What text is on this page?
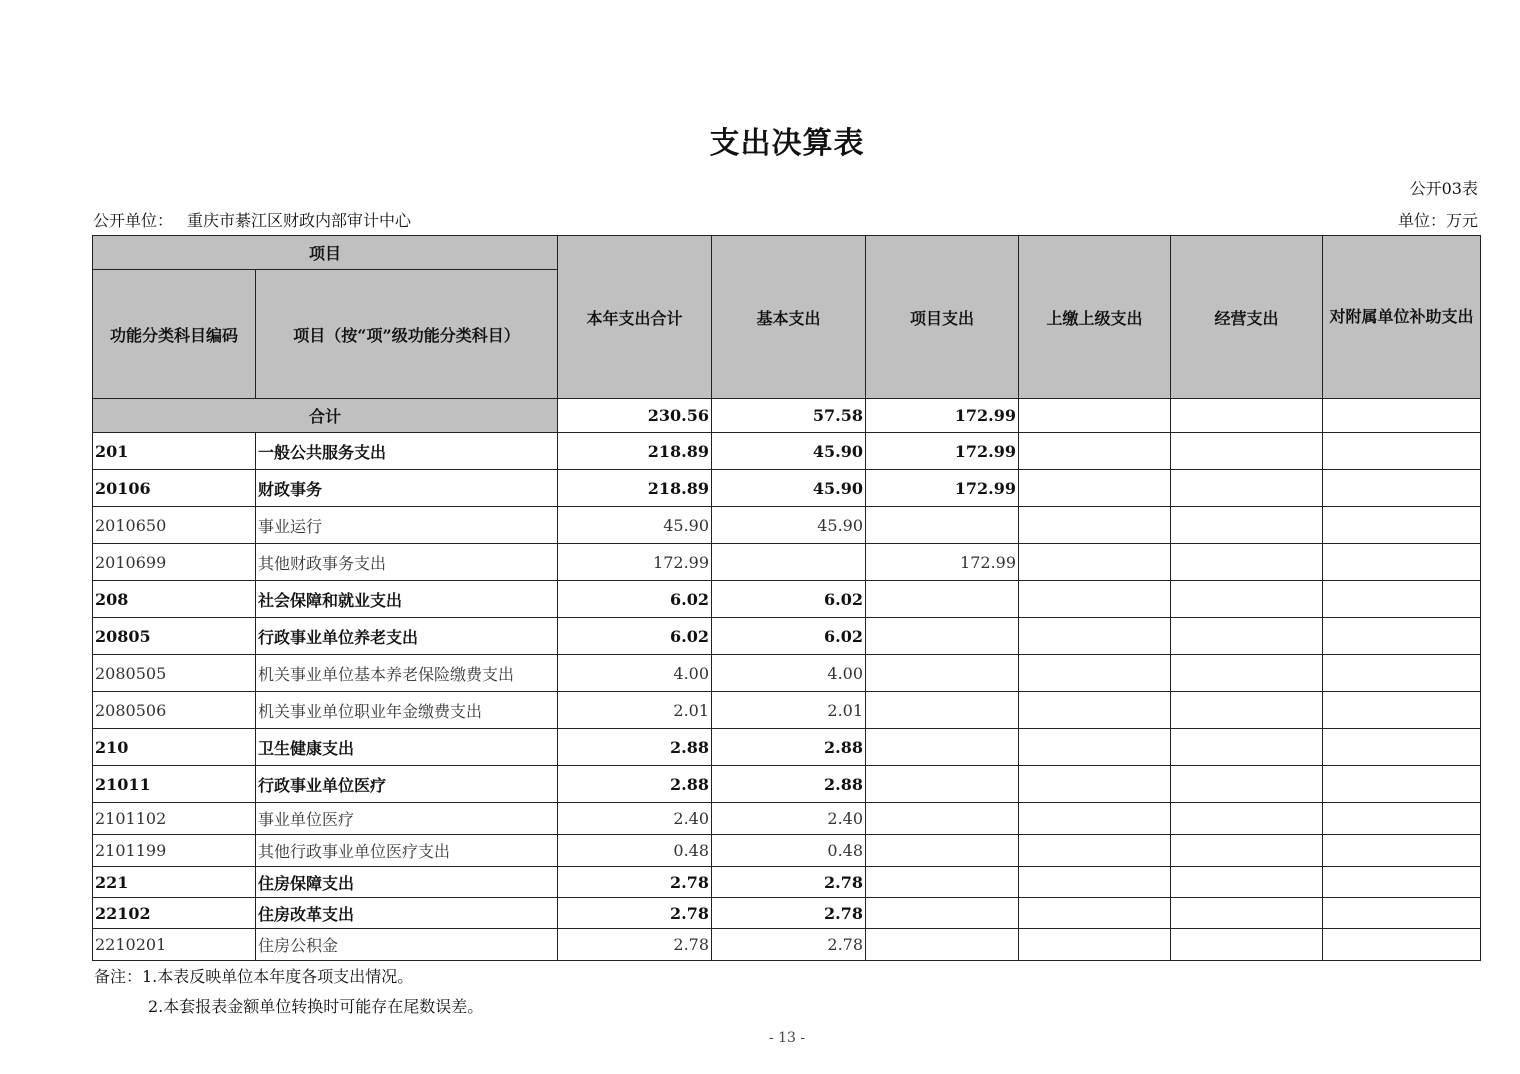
支出决算表
公开03表
公开单位： 重庆市綦江区财政内部审计中心	单位：万元
项目		本年支出合计	基本支出	项目支出	上缴上级支出	经营支出	对附属单位补助支出
功能分类科目编码	项目（按“项”级功能分类科目）						
合计		230.56	57.58	172.99			
201	一般公共服务支出	218.89	45.90	172.99			
20106	财政事务	218.89	45.90	172.99			
2010650	事业运行	45.90	45.90				
2010699	其他财政事务支出	172.99		172.99			
208	社会保障和就业支出	6.02	6.02				
20805	行政事业单位养老支出	6.02	6.02				
2080505	机关事业单位基本养老保险缴费支出	4.00	4.00				
2080506	机关事业单位职业年金缴费支出	2.01	2.01				
210	卫生健康支出	2.88	2.88				
21011	行政事业单位医疗	2.88	2.88				
2101102	事业单位医疗	2.40	2.40				
2101199	其他行政事业单位医疗支出	0.48	0.48				
221	住房保障支出	2.78	2.78				
22102	住房改革支出	2.78	2.78				
2210201	住房公积金	2.78	2.78				
备注：1.本表反映单位本年度各项支出情况。
2.本套报表金额单位转换时可能存在尾数误差。
- 13 -
